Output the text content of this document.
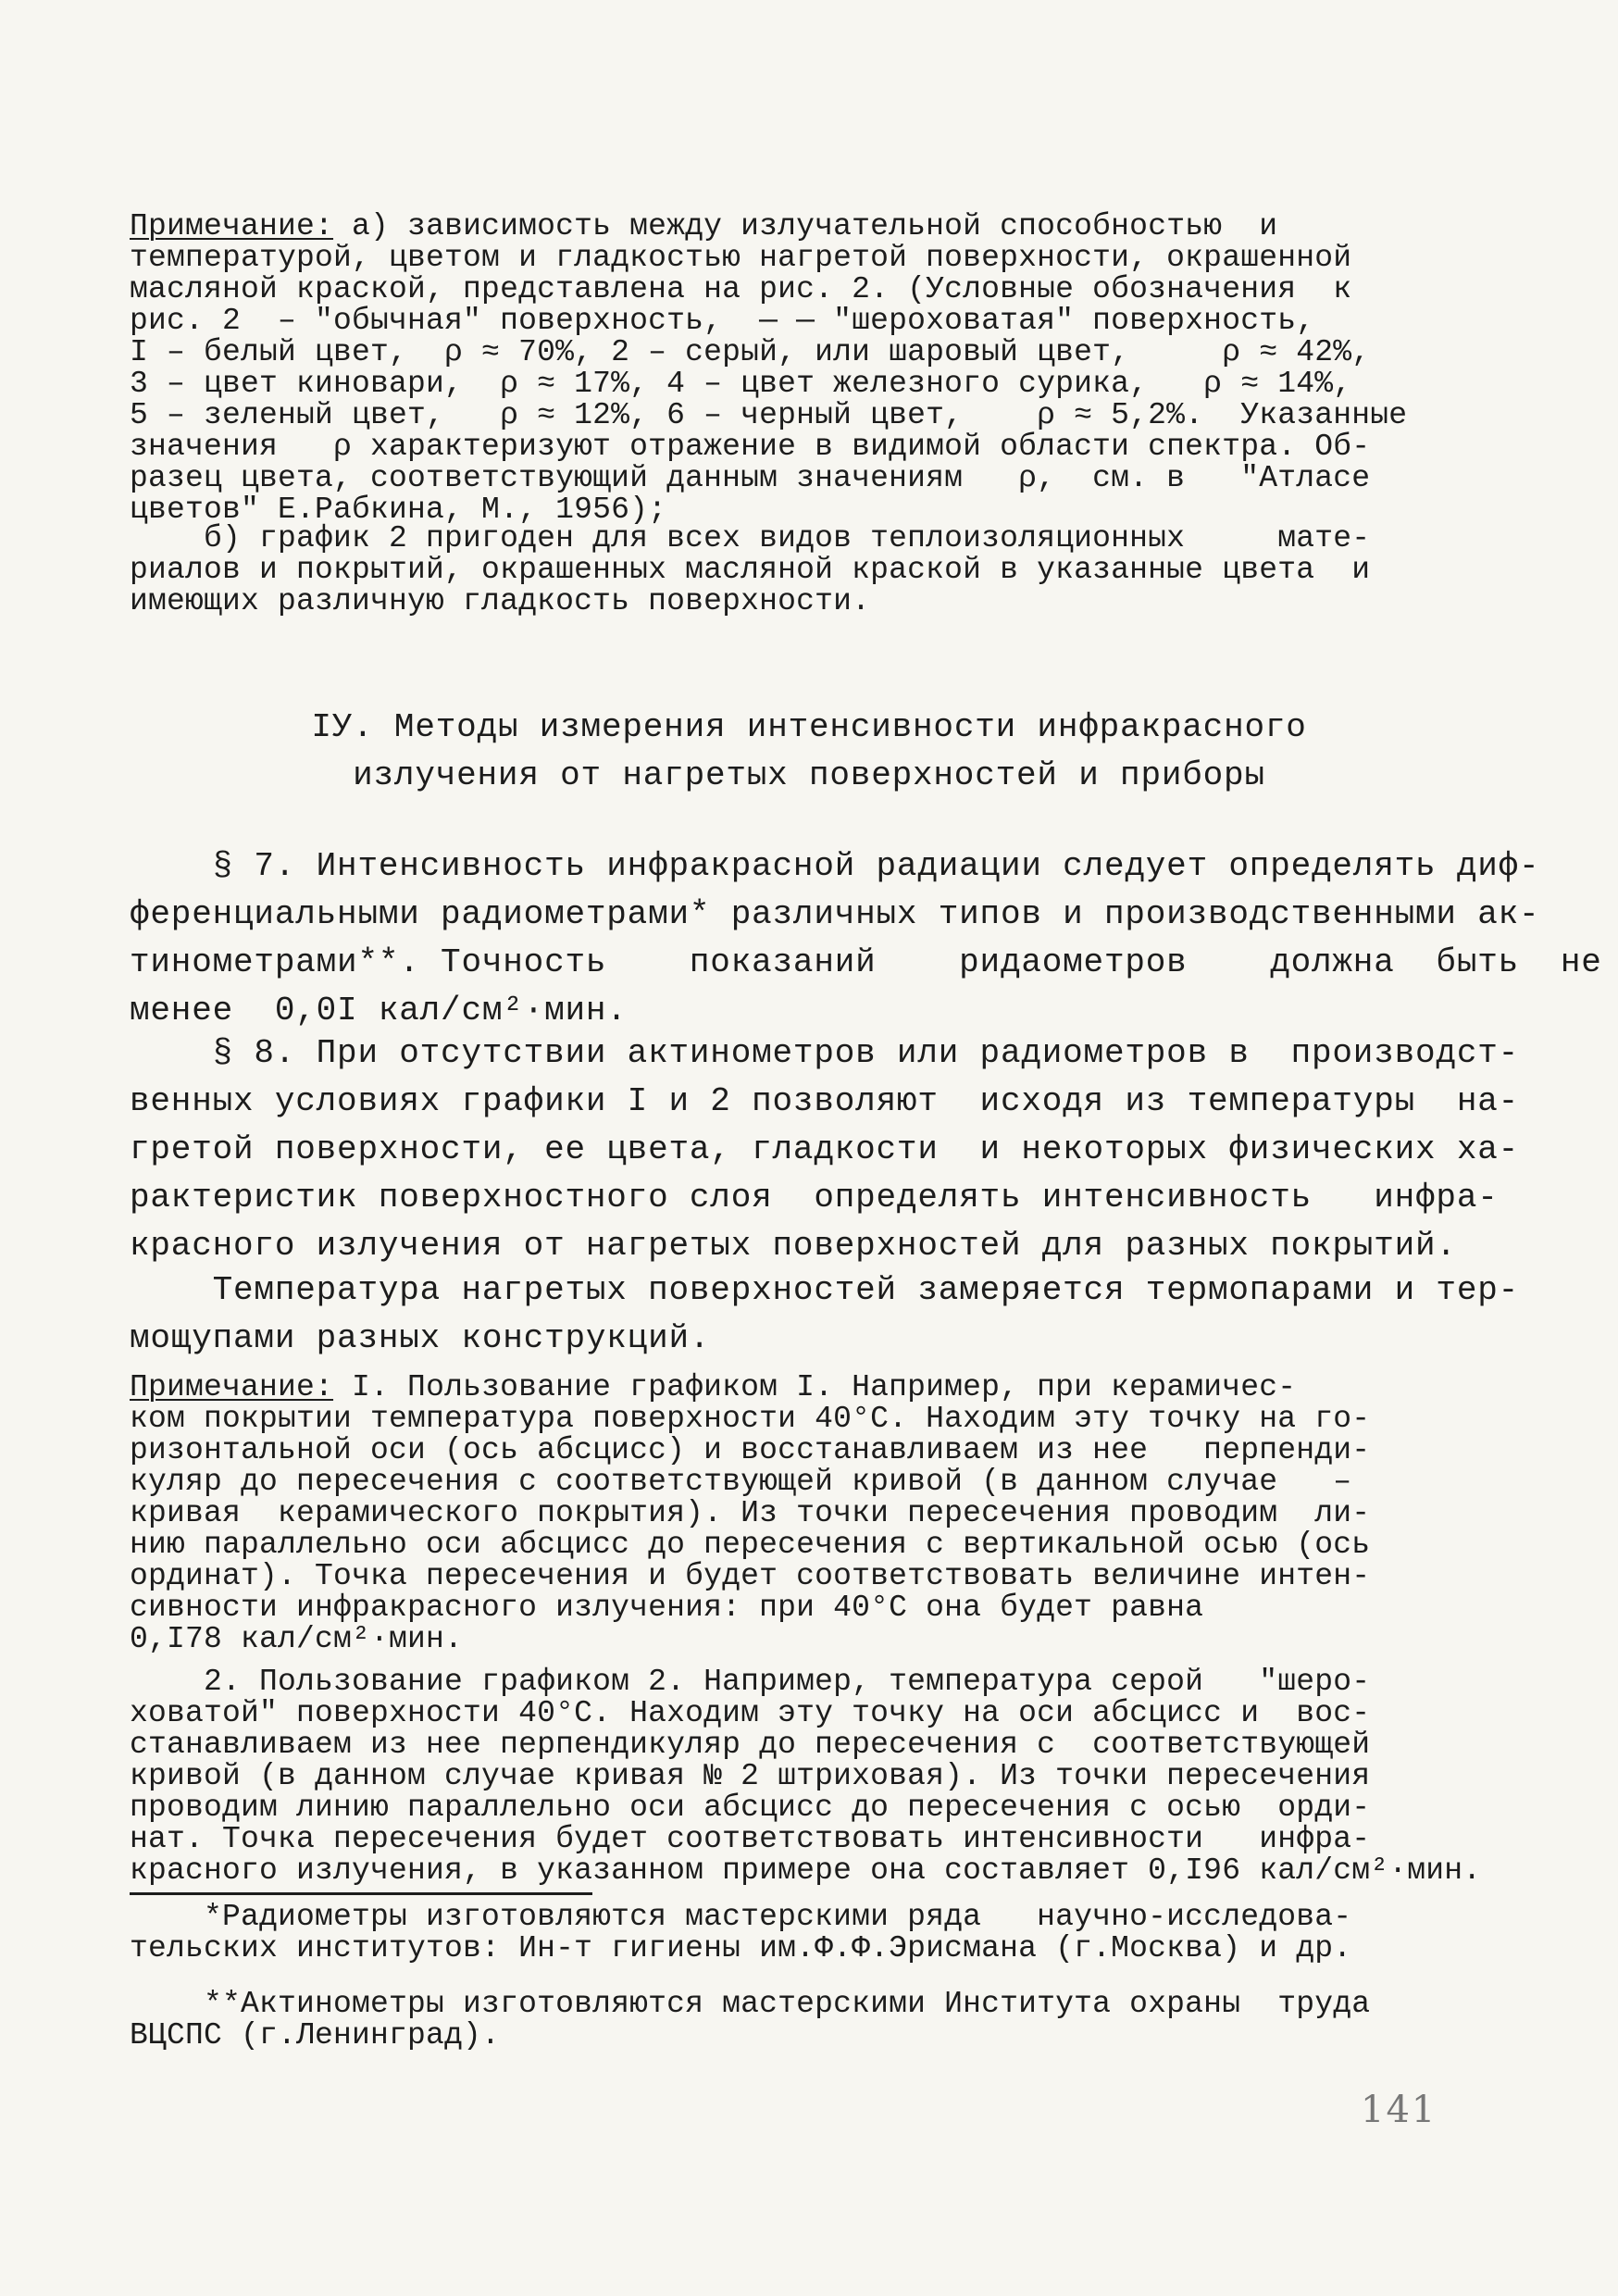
Примечание: а) зависимость между излучательной способностью  и
температурой, цветом и гладкостью нагретой поверхности, окрашенной
масляной краской, представлена на рис. 2. (Условные обозначения  к
рис. 2  – "обычная" поверхность,  — — "шероховатая" поверхность,
I – белый цвет,  ρ ≈ 70%, 2 – серый, или шаровый цвет,     ρ ≈ 42%,
3 – цвет киновари,  ρ ≈ 17%, 4 – цвет железного сурика,   ρ ≈ 14%,
5 – зеленый цвет,   ρ ≈ 12%, 6 – черный цвет,    ρ ≈ 5,2%.  Указанные
значения   ρ характеризуют отражение в видимой области спектра. Об-
разец цвета, соответствующий данным значениям   ρ,  см. в   "Атласе
цветов" Е.Рабкина, М., 1956);
б) график 2 пригоден для всех видов теплоизоляционных     мате-
риалов и покрытий, окрашенных масляной краской в указанные цвета  и
имеющих различную гладкость поверхности.
IУ. Методы измерения интенсивности инфракрасного
излучения от нагретых поверхностей и приборы
§ 7. Интенсивность инфракрасной радиации следует определять диф-
ференциальными радиометрами* различных типов и производственными ак-
тинометрами**. Точность    показаний    ридаометров    должна  быть  не
менее  0,0I кал/см²·мин.
§ 8. При отсутствии актинометров или радиометров в  производст-
венных условиях графики I и 2 позволяют  исходя из температуры  на-
гретой поверхности, ее цвета, гладкости  и некоторых физических ха-
рактеристик поверхностного слоя  определять интенсивность   инфра-
красного излучения от нагретых поверхностей для разных покрытий.
Температура нагретых поверхностей замеряется термопарами и тер-
мощупами разных конструкций.
Примечание: I. Пользование графиком I. Например, при керамичес-
ком покрытии температура поверхности 40°С. Находим эту точку на го-
ризонтальной оси (ось абсцисс) и восстанавливаем из нее   перпенди-
куляр до пересечения с соответствующей кривой (в данном случае   –
кривая  керамического покрытия). Из точки пересечения проводим  ли-
нию параллельно оси абсцисс до пересечения с вертикальной осью (ось
ординат). Точка пересечения и будет соответствовать величине интен-
сивности инфракрасного излучения: при 40°С она будет равна
0,I78 кал/см²·мин.
2. Пользование графиком 2. Например, температура серой   "шеро-
ховатой" поверхности 40°С. Находим эту точку на оси абсцисс и  вос-
станавливаем из нее перпендикуляр до пересечения с  соответствующей
кривой (в данном случае кривая № 2 штриховая). Из точки пересечения
проводим линию параллельно оси абсцисс до пересечения с осью  орди-
нат. Точка пересечения будет соответствовать интенсивности   инфра-
красного излучения, в указанном примере она составляет 0,I96 кал/см²·мин.
*Радиометры изготовляются мастерскими ряда   научно-исследова-
тельских институтов: Ин-т гигиены им.Ф.Ф.Эрисмана (г.Москва) и др.
**Актинометры изготовляются мастерскими Института охраны  труда
ВЦСПС (г.Ленинград).
141
